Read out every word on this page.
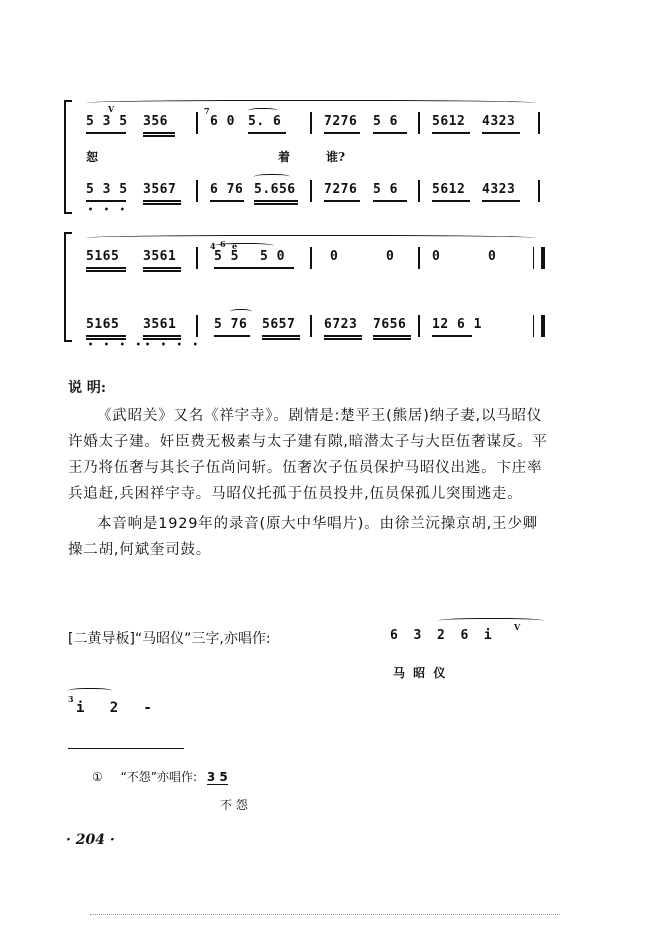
V
5 3 5 356
7
6 0 5. 6	7276 5 6	5612 4323
恕	着	谁?
5 3 5
• • •
3567	6 76 5.656 7276 5 6	5612 4323
5165 3561
4 6 e
5 5 5 0	0	0	0	0
5165
• • • •
3561
• • • •
5 76 5657 6723 7656 12 6 1
说 明:

《武昭关》又名《祥宇寺》。剧情是:楚平王(熊居)纳子妻,以马昭仪许婚太子建。奸臣费无极素与太子建有隙,暗潜太子与大臣伍奢谋反。平王乃将伍奢与其长子伍尚问斩。伍奢次子伍员保护马昭仪出逃。卞庄率兵追赶,兵困祥宇寺。马昭仪托孤于伍员投井,伍员保孤儿突围逃走。

本音响是1929年的录音(原大中华唱片)。由徐兰沅操京胡,王少卿操二胡,何斌奎司鼓。

[二黄导板]“马昭仪”三字,亦唱作:	6  3  2  6  i
V
马 昭 仪
3
i   2   -
① “不怨”亦唱作: 3 5
不 怨
· 204 ·
